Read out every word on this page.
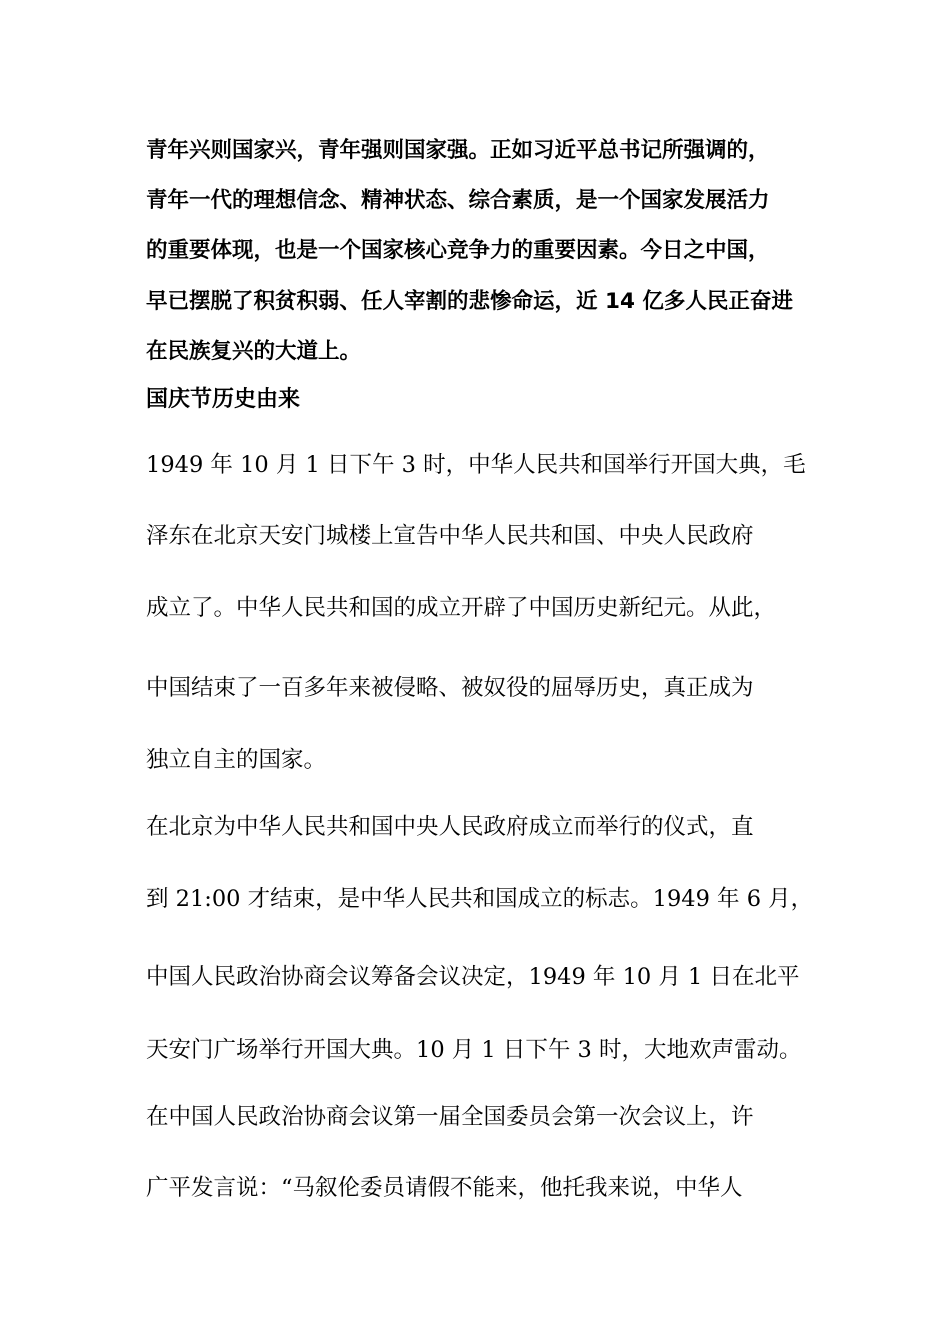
青年兴则国家兴，青年强则国家强。正如习近平总书记所强调的，

青年一代的理想信念、精神状态、综合素质，是一个国家发展活力

的重要体现，也是一个国家核心竞争力的重要因素。今日之中国，

早已摆脱了积贫积弱、任人宰割的悲惨命运，近 14 亿多人民正奋进

在民族复兴的大道上。

国庆节历史由来

1949 年 10 月 1 日下午 3 时，中华人民共和国举行开国大典，毛

泽东在北京天安门城楼上宣告中华人民共和国、中央人民政府

成立了。中华人民共和国的成立开辟了中国历史新纪元。从此，

中国结束了一百多年来被侵略、被奴役的屈辱历史，真正成为

独立自主的国家。

在北京为中华人民共和国中央人民政府成立而举行的仪式，直

到 21:00 才结束，是中华人民共和国成立的标志。1949 年 6 月，

中国人民政治协商会议筹备会议决定，1949 年 10 月 1 日在北平

天安门广场举行开国大典。10 月 1 日下午 3 时，大地欢声雷动。

在中国人民政治协商会议第一届全国委员会第一次会议上，许

广平发言说：“马叙伦委员请假不能来，他托我来说，中华人
